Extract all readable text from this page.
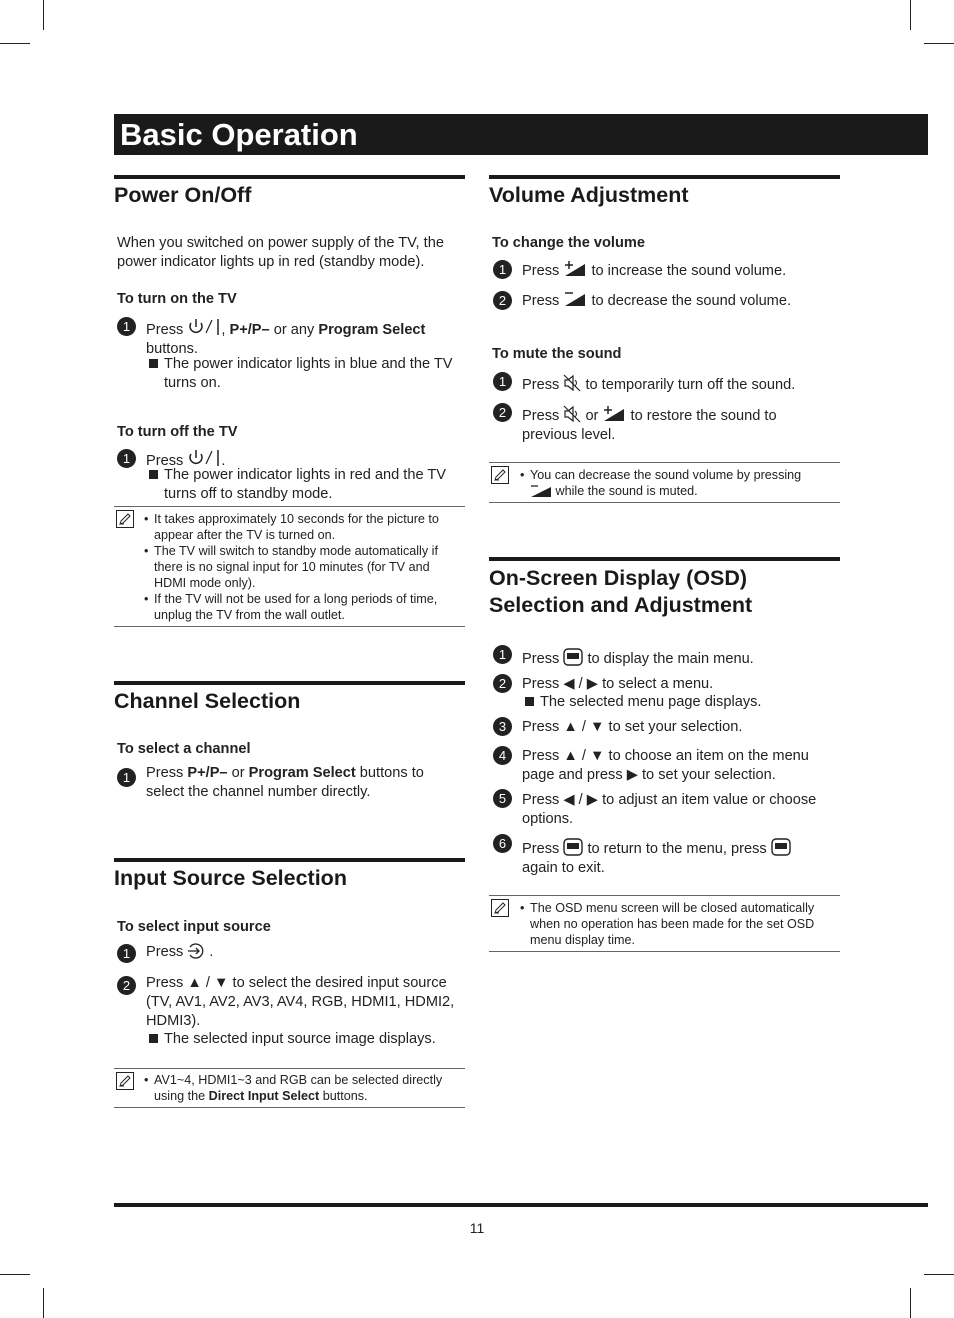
Basic Operation
Power On/Off
When you switched on power supply of the TV, the power indicator lights up in red (standby mode).
To turn on the TV
1	Press	, P+/P– or any Program Select buttons.
The power indicator lights in blue and the TV turns on.
To turn off the TV
1	Press	.
The power indicator lights in red and the TV turns off to standby mode.
• It takes approximately 10 seconds for the picture to appear after the TV is turned on.
• The TV will switch to standby mode automatically if there is no signal input for 10 minutes (for TV and HDMI mode only).
• If the TV will not be used for a long periods of time, unplug the TV from the wall outlet.
Channel Selection
To select a channel
1	Press P+/P– or Program Select buttons to select the channel number directly.
Input Source Selection
To select input source
1	Press .
2	Press ▲ / ▼ to select the desired input source (TV, AV1, AV2, AV3, AV4, RGB, HDMI1, HDMI2, HDMI3).
The selected input source image displays.
• AV1~4, HDMI1~3 and RGB can be selected directly using the Direct Input Select buttons.
Volume Adjustment
To change the volume
1	Press to increase the sound volume.
2	Press to decrease the sound volume.
To mute the sound
1	Press to temporarily turn off the sound.
2	Press or to restore the sound to previous level.
• You can decrease the sound volume by pressing
while the sound is muted.
On-Screen Display (OSD)
Selection and Adjustment
1	Press to display the main menu.
2	Press ◀ / ▶ to select a menu.
The selected menu page displays.
3	Press ▲ / ▼ to set your selection.
4	Press ▲ / ▼ to choose an item on the menu page and press ▶ to set your selection.
5	Press ◀ / ▶ to adjust an item value or choose options.
6	Press to return to the menu, press  again to exit.
• The OSD menu screen will be closed automatically when no operation has been made for the set OSD menu display time.
11
